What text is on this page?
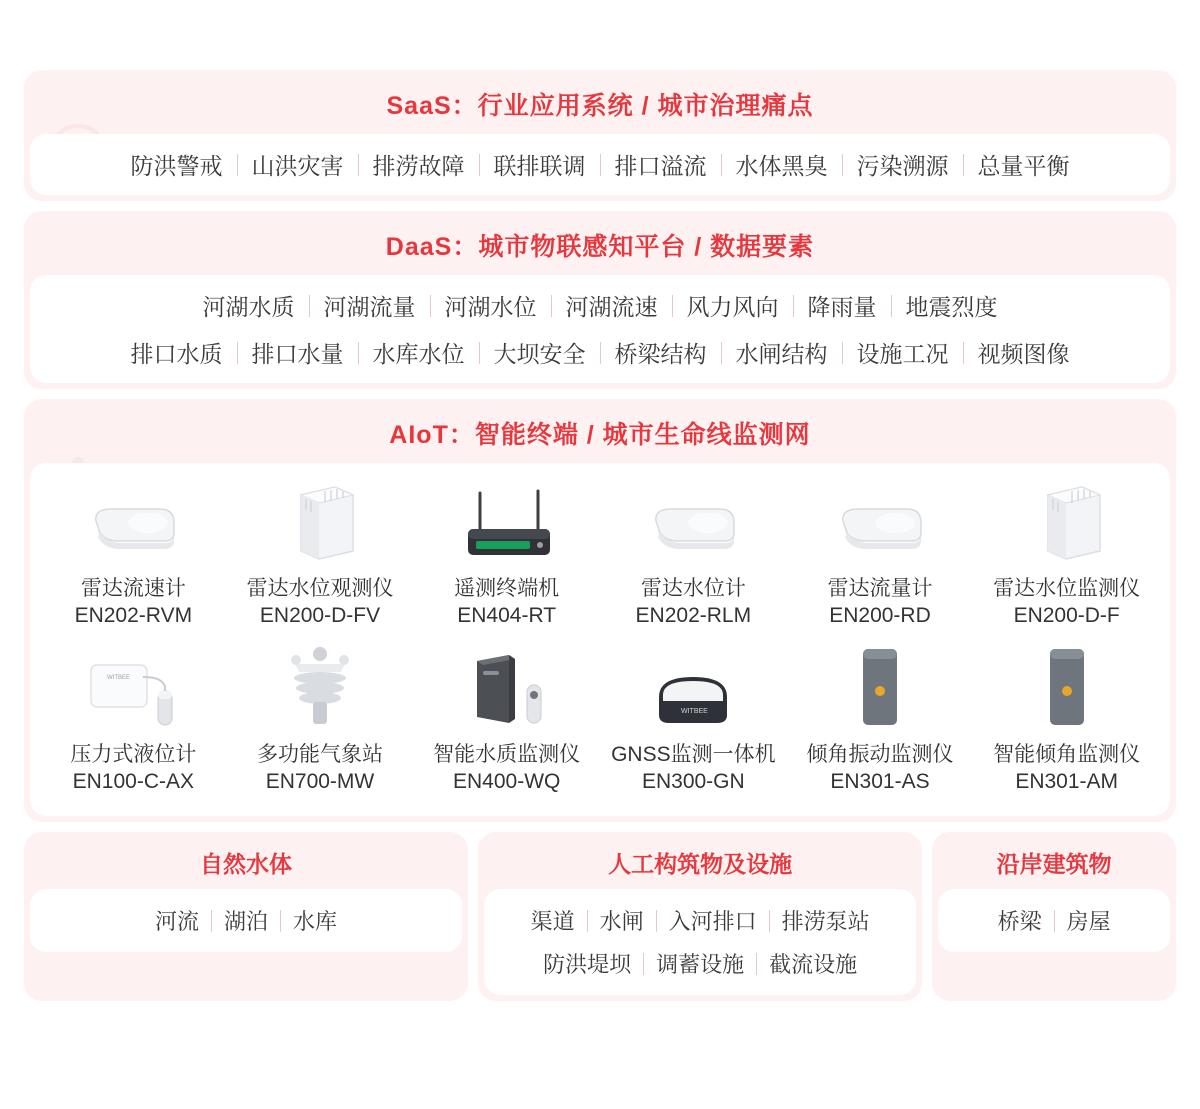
SaaS：行业应用系统 / 城市治理痛点
防洪警戒	山洪灾害	排涝故障	联排联调	排口溢流	水体黑臭	污染溯源	总量平衡
DaaS：城市物联感知平台 / 数据要素
河湖水质	河湖流量	河湖水位	河湖流速	风力风向	降雨量	地震烈度
排口水质	排口水量	水库水位	大坝安全	桥梁结构	水闸结构	设施工况	视频图像
AIoT：智能终端 / 城市生命线监测网
雷达流速计
EN202-RVM
雷达水位观测仪
EN200-D-FV
遥测终端机
EN404-RT
雷达水位计
EN202-RLM
雷达流量计
EN200-RD
雷达水位监测仪
EN200-D-F
WITBEE
压力式液位计
EN100-C-AX
多功能气象站
EN700-MW
智能水质监测仪
EN400-WQ
WITBEE
GNSS监测一体机
EN300-GN
倾角振动监测仪
EN301-AS
智能倾角监测仪
EN301-AM
自然水体
河流	湖泊	水库
人工构筑物及设施
渠道	水闸	入河排口	排涝泵站
防洪堤坝	调蓄设施	截流设施
沿岸建筑物
桥梁	房屋
